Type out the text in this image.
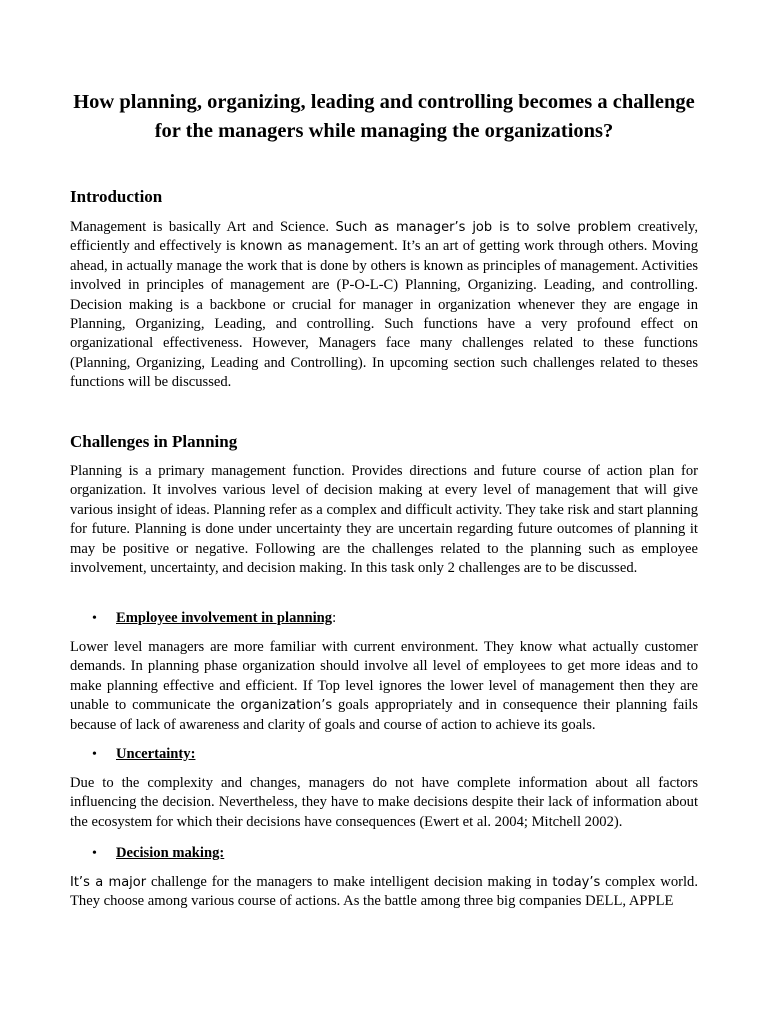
How planning, organizing, leading and controlling becomes a challenge for the managers while managing the organizations?
Introduction

Management is basically Art and Science. Such as manager’s job is to solve problem creatively, efficiently and effectively is known as management. It’s an art of getting work through others. Moving ahead, in actually manage the work that is done by others is known as principles of management. Activities involved in principles of management are (P-O-L-C) Planning, Organizing. Leading, and controlling. Decision making is a backbone or crucial for manager in organization whenever they are engage in Planning, Organizing, Leading, and controlling. Such functions have a very profound effect on organizational effectiveness. However, Managers face many challenges related to these functions (Planning, Organizing, Leading and Controlling). In upcoming section such challenges related to theses functions will be discussed.

Challenges in Planning

Planning is a primary management function. Provides directions and future course of action plan for organization. It involves various level of decision making at every level of management that will give various insight of ideas. Planning refer as a complex and difficult activity. They take risk and start planning for future. Planning is done under uncertainty they are uncertain regarding future outcomes of planning it may be positive or negative. Following are the challenges related to the planning such as employee involvement, uncertainty, and decision making. In this task only 2 challenges are to be discussed.

•	Employee involvement in planning:

Lower level managers are more familiar with current environment. They know what actually customer demands. In planning phase organization should involve all level of employees to get more ideas and to make planning effective and efficient. If Top level ignores the lower level of management then they are unable to communicate the organization’s goals appropriately and in consequence their planning fails because of lack of awareness and clarity of goals and course of action to achieve its goals.

•	Uncertainty:

Due to the complexity and changes, managers do not have complete information about all factors influencing the decision. Nevertheless, they have to make decisions despite their lack of information about the ecosystem for which their decisions have consequences (Ewert et al. 2004; Mitchell 2002).

•	Decision making:

It’s a major challenge for the managers to make intelligent decision making in today’s complex world. They choose among various course of actions. As the battle among three big companies DELL, APPLE
